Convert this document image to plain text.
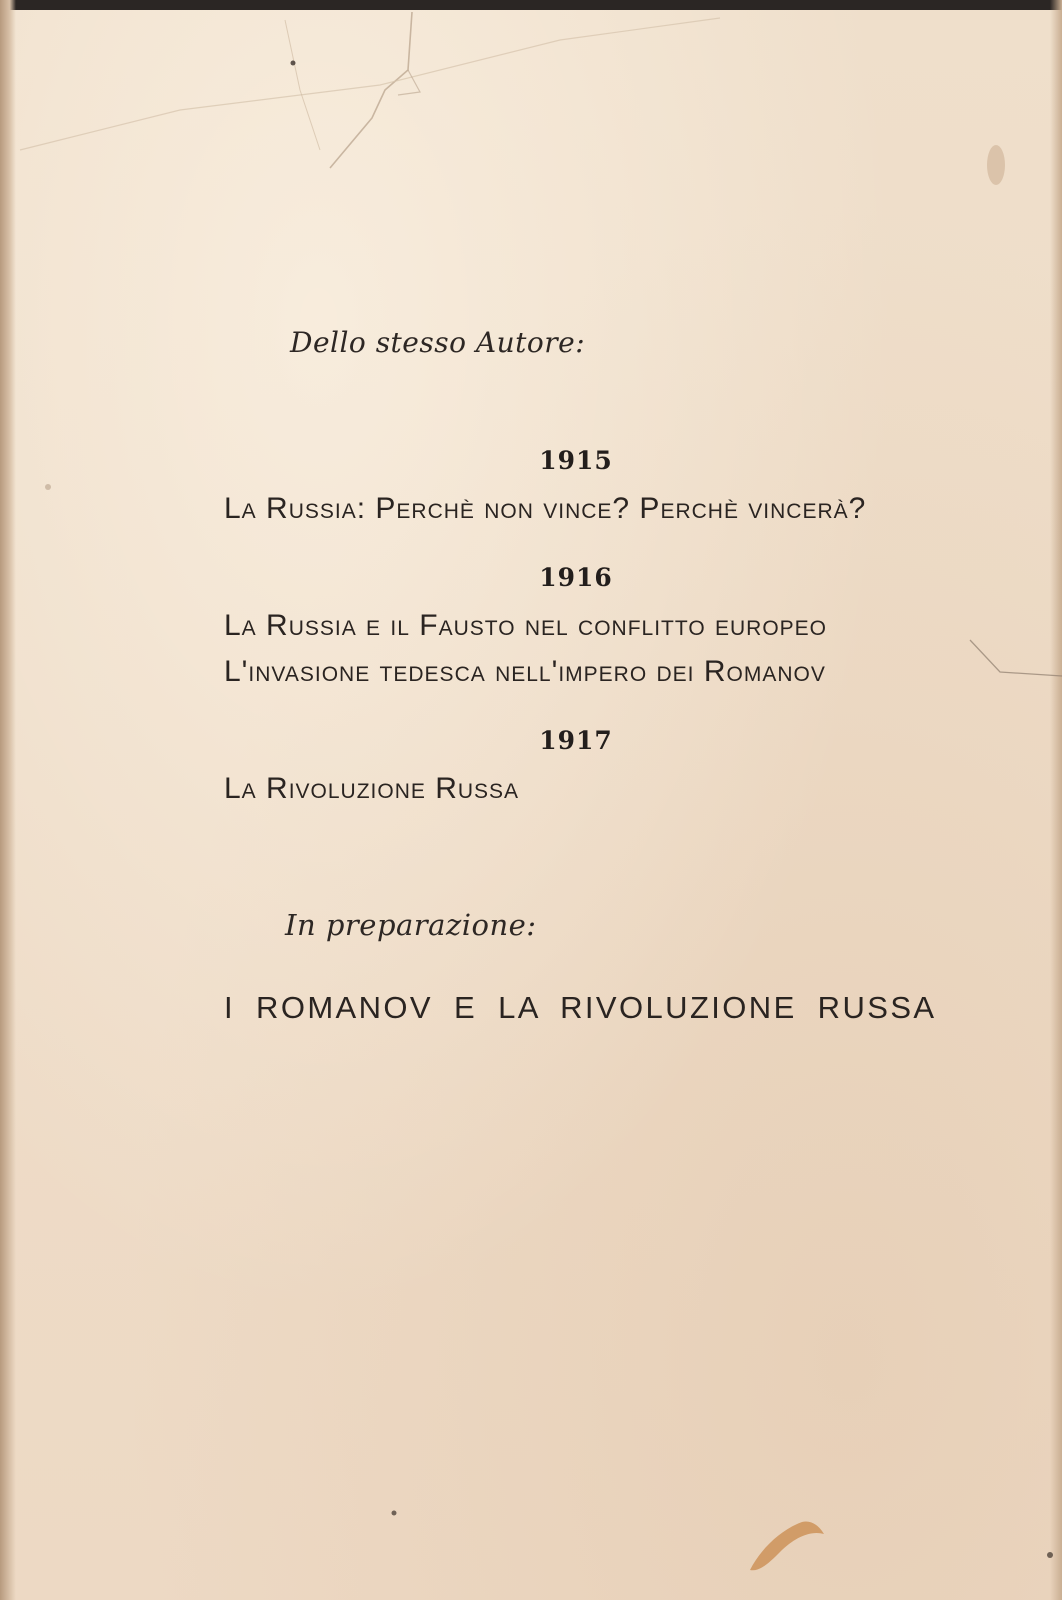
Dello stesso Autore:

1915

La Russia: Perchè non vince? Perchè vincerà?

1916

La Russia e il Fausto nel conflitto europeo

L'invasione tedesca nell'impero dei Romanov

1917

La Rivoluzione Russa

In preparazione:

I ROMANOV E LA RIVOLUZIONE RUSSA
